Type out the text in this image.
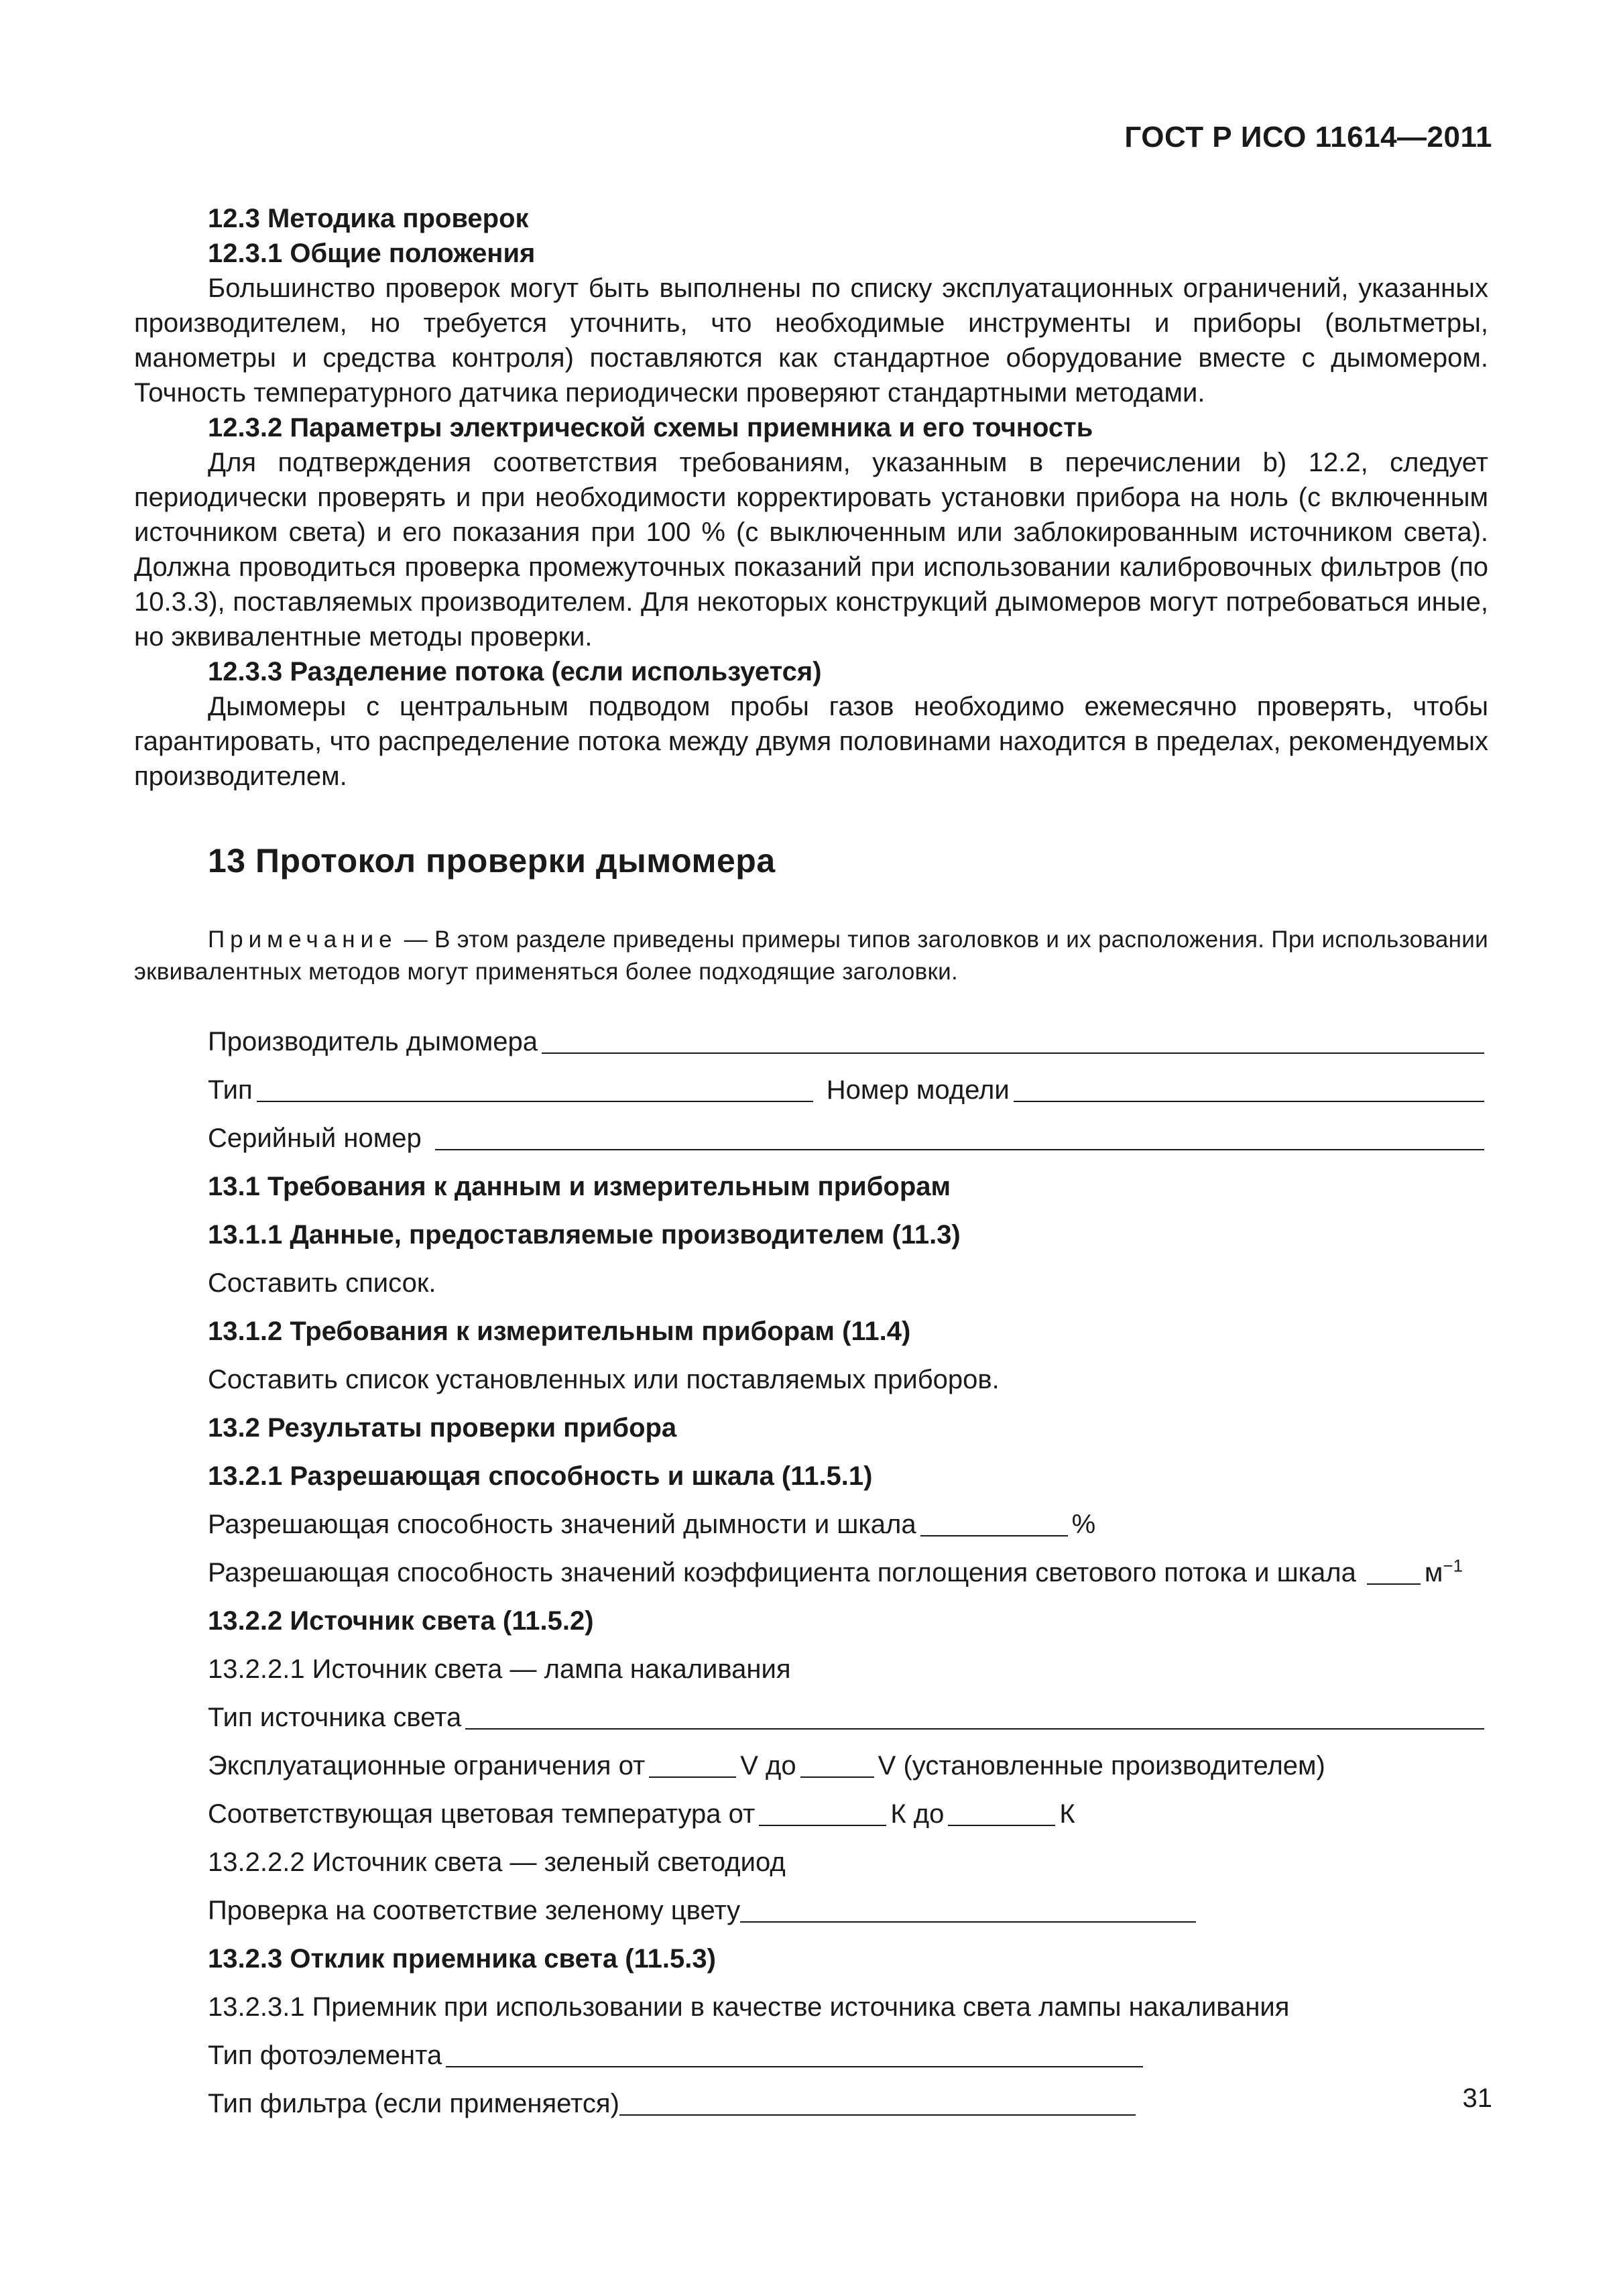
ГОСТ Р ИСО 11614—2011
12.3 Методика проверок
12.3.1 Общие положения

Большинство проверок могут быть выполнены по списку эксплуатационных ограничений, указанных производителем, но требуется уточнить, что необходимые инструменты и приборы (вольтметры, манометры и средства контроля) поставляются как стандартное оборудование вместе с дымомером. Точность температурного датчика периодически проверяют стандартными методами.

12.3.2 Параметры электрической схемы приемника и его точность

Для подтверждения соответствия требованиям, указанным в перечислении b) 12.2, следует периодически проверять и при необходимости корректировать установки прибора на ноль (с включенным источником света) и его показания при 100 % (с выключенным или заблокированным источником света). Должна проводиться проверка промежуточных показаний при использовании калибровочных фильтров (по 10.3.3), поставляемых производителем. Для некоторых конструкций дымомеров могут потребоваться иные, но эквивалентные методы проверки.

12.3.3 Разделение потока (если используется)

Дымомеры с центральным подводом пробы газов необходимо ежемесячно проверять, чтобы гарантировать, что распределение потока между двумя половинами находится в пределах, рекомендуемых производителем.

13 Протокол проверки дымомера

Примечание — В этом разделе приведены примеры типов заголовков и их расположения. При использовании эквивалентных методов могут применяться более подходящие заголовки.

Производитель дымомера
Тип	Номер модели
Серийный номер
13.1 Требования к данным и измерительным приборам
13.1.1 Данные, предоставляемые производителем (11.3)
Составить список.
13.1.2 Требования к измерительным приборам (11.4)
Составить список установленных или поставляемых приборов.
13.2 Результаты проверки прибора
13.2.1 Разрешающая способность и шкала (11.5.1)
Разрешающая способность значений дымности и шкала	%
Разрешающая способность значений коэффициента поглощения светового потока и шкала	$м^{-1}$
13.2.2 Источник света (11.5.2)
13.2.2.1 Источник света — лампа накаливания
Тип источника света
Эксплуатационные ограничения от	V до	V (установленные производителем)
Соответствующая цветовая температура от	К до	К
13.2.2.2 Источник света — зеленый светодиод
Проверка на соответствие зеленому цвету
13.2.3 Отклик приемника света (11.5.3)
13.2.3.1 Приемник при использовании в качестве источника света лампы накаливания
Тип фотоэлемента
Тип фильтра (если применяется)	31
